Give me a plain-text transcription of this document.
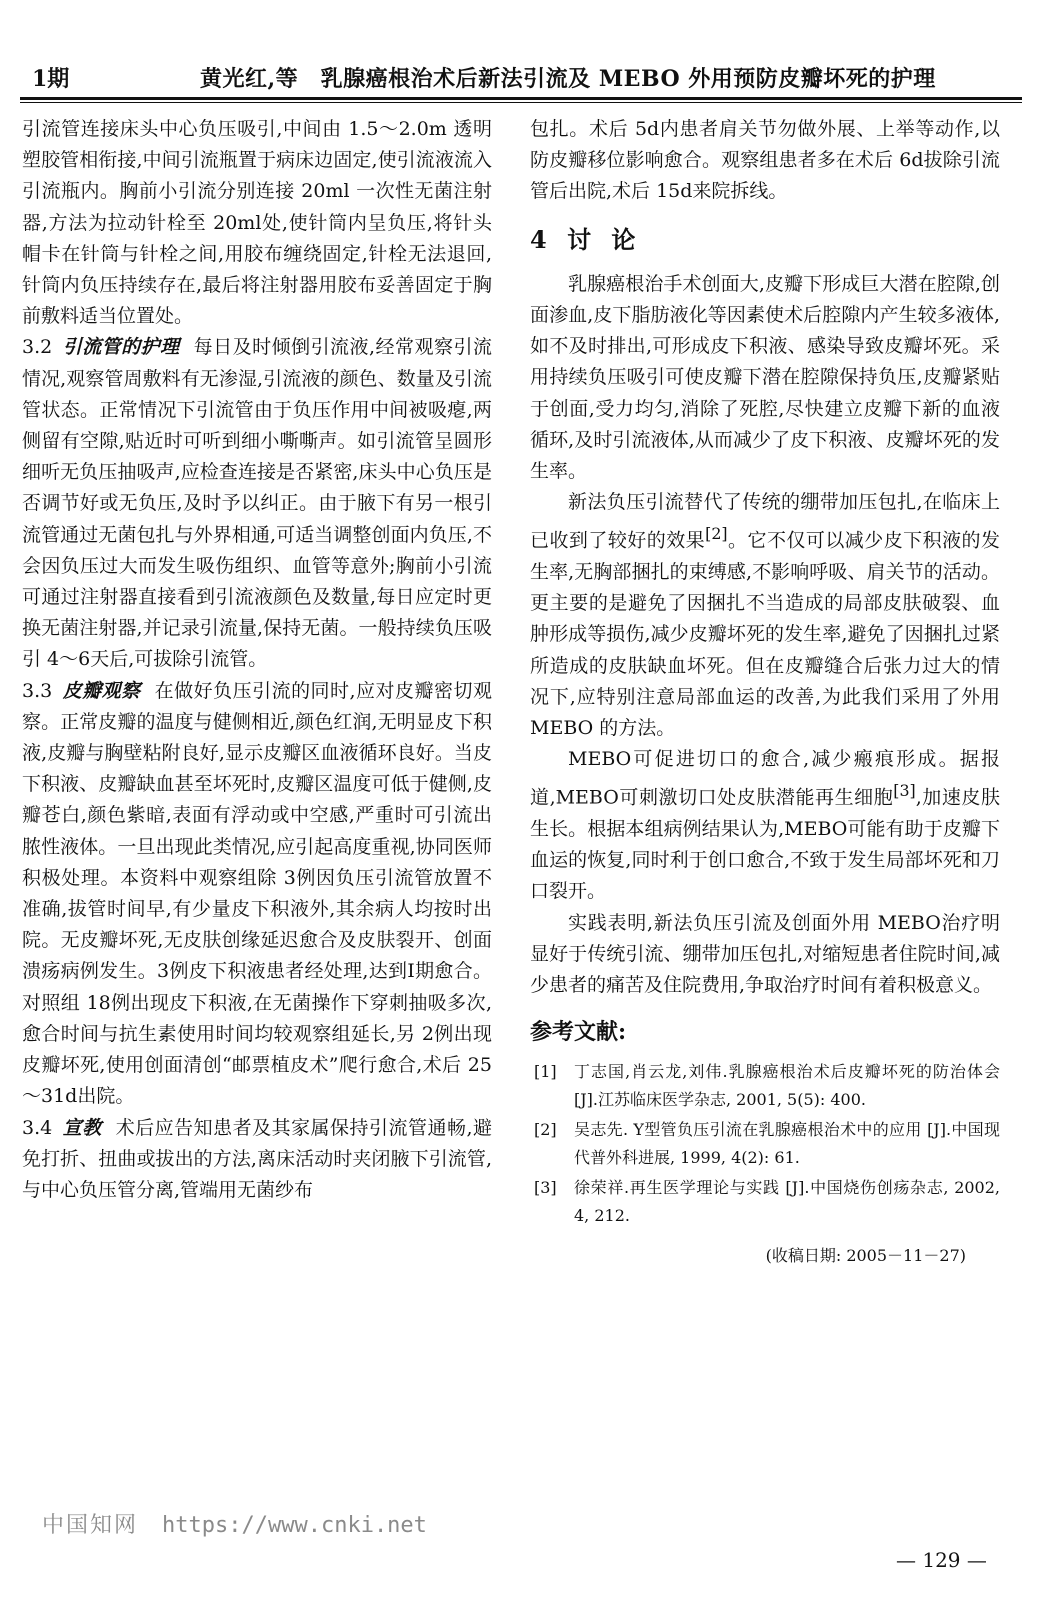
1期	黄光红,等　乳腺癌根治术后新法引流及 MEBO 外用预防皮瓣坏死的护理

引流管连接床头中心负压吸引,中间由 1.5～2.0m 透明塑胶管相衔接,中间引流瓶置于病床边固定,使引流液流入引流瓶内。胸前小引流分别连接 20ml 一次性无菌注射器,方法为拉动针栓至 20ml处,使针筒内呈负压,将针头帽卡在针筒与针栓之间,用胶布缠绕固定,针栓无法退回,针筒内负压持续存在,最后将注射器用胶布妥善固定于胸前敷料适当位置处。

3.2 引流管的护理 每日及时倾倒引流液,经常观察引流情况,观察管周敷料有无渗湿,引流液的颜色、数量及引流管状态。正常情况下引流管由于负压作用中间被吸瘪,两侧留有空隙,贴近时可听到细小嘶嘶声。如引流管呈圆形细听无负压抽吸声,应检查连接是否紧密,床头中心负压是否调节好或无负压,及时予以纠正。由于腋下有另一根引流管通过无菌包扎与外界相通,可适当调整创面内负压,不会因负压过大而发生吸伤组织、血管等意外;胸前小引流可通过注射器直接看到引流液颜色及数量,每日应定时更换无菌注射器,并记录引流量,保持无菌。一般持续负压吸引 4～6天后,可拔除引流管。

3.3 皮瓣观察 在做好负压引流的同时,应对皮瓣密切观察。正常皮瓣的温度与健侧相近,颜色红润,无明显皮下积液,皮瓣与胸壁粘附良好,显示皮瓣区血液循环良好。当皮下积液、皮瓣缺血甚至坏死时,皮瓣区温度可低于健侧,皮瓣苍白,颜色紫暗,表面有浮动或中空感,严重时可引流出脓性液体。一旦出现此类情况,应引起高度重视,协同医师积极处理。本资料中观察组除 3例因负压引流管放置不准确,拔管时间早,有少量皮下积液外,其余病人均按时出院。无皮瓣坏死,无皮肤创缘延迟愈合及皮肤裂开、创面溃疡病例发生。3例皮下积液患者经处理,达到Ⅰ期愈合。对照组 18例出现皮下积液,在无菌操作下穿刺抽吸多次,愈合时间与抗生素使用时间均较观察组延长,另 2例出现皮瓣坏死,使用创面清创“邮票植皮术”爬行愈合,术后 25～31d出院。

3.4 宣教 术后应告知患者及其家属保持引流管通畅,避免打折、扭曲或拔出的方法,离床活动时夹闭腋下引流管,与中心负压管分离,管端用无菌纱布

包扎。术后 5d内患者肩关节勿做外展、上举等动作,以防皮瓣移位影响愈合。观察组患者多在术后 6d拔除引流管后出院,术后 15d来院拆线。

4 讨 论

乳腺癌根治手术创面大,皮瓣下形成巨大潜在腔隙,创面渗血,皮下脂肪液化等因素使术后腔隙内产生较多液体,如不及时排出,可形成皮下积液、感染导致皮瓣坏死。采用持续负压吸引可使皮瓣下潜在腔隙保持负压,皮瓣紧贴于创面,受力均匀,消除了死腔,尽快建立皮瓣下新的血液循环,及时引流液体,从而减少了皮下积液、皮瓣坏死的发生率。

新法负压引流替代了传统的绷带加压包扎,在临床上已收到了较好的效果[2]。它不仅可以减少皮下积液的发生率,无胸部捆扎的束缚感,不影响呼吸、肩关节的活动。更主要的是避免了因捆扎不当造成的局部皮肤破裂、血肿形成等损伤,减少皮瓣坏死的发生率,避免了因捆扎过紧所造成的皮肤缺血坏死。但在皮瓣缝合后张力过大的情况下,应特别注意局部血运的改善,为此我们采用了外用 MEBO 的方法。

MEBO可促进切口的愈合,减少瘢痕形成。据报道,MEBO可刺激切口处皮肤潜能再生细胞[3],加速皮肤生长。根据本组病例结果认为,MEBO可能有助于皮瓣下血运的恢复,同时利于创口愈合,不致于发生局部坏死和刀口裂开。

实践表明,新法负压引流及创面外用 MEBO治疗明显好于传统引流、绷带加压包扎,对缩短患者住院时间,减少患者的痛苦及住院费用,争取治疗时间有着积极意义。

参考文献:
[1]	丁志国,肖云龙,刘伟.乳腺癌根治术后皮瓣坏死的防治体会 [J].江苏临床医学杂志, 2001, 5(5): 400.
[2]	吴志先. Y型管负压引流在乳腺癌根治术中的应用 [J].中国现代普外科进展, 1999, 4(2): 61.
[3]	徐荣祥.再生医学理论与实践 [J].中国烧伤创疡杂志, 2002, 4, 212.
(收稿日期: 2005－11－27)
中国知网 https://www.cnki.net
— 129 —
